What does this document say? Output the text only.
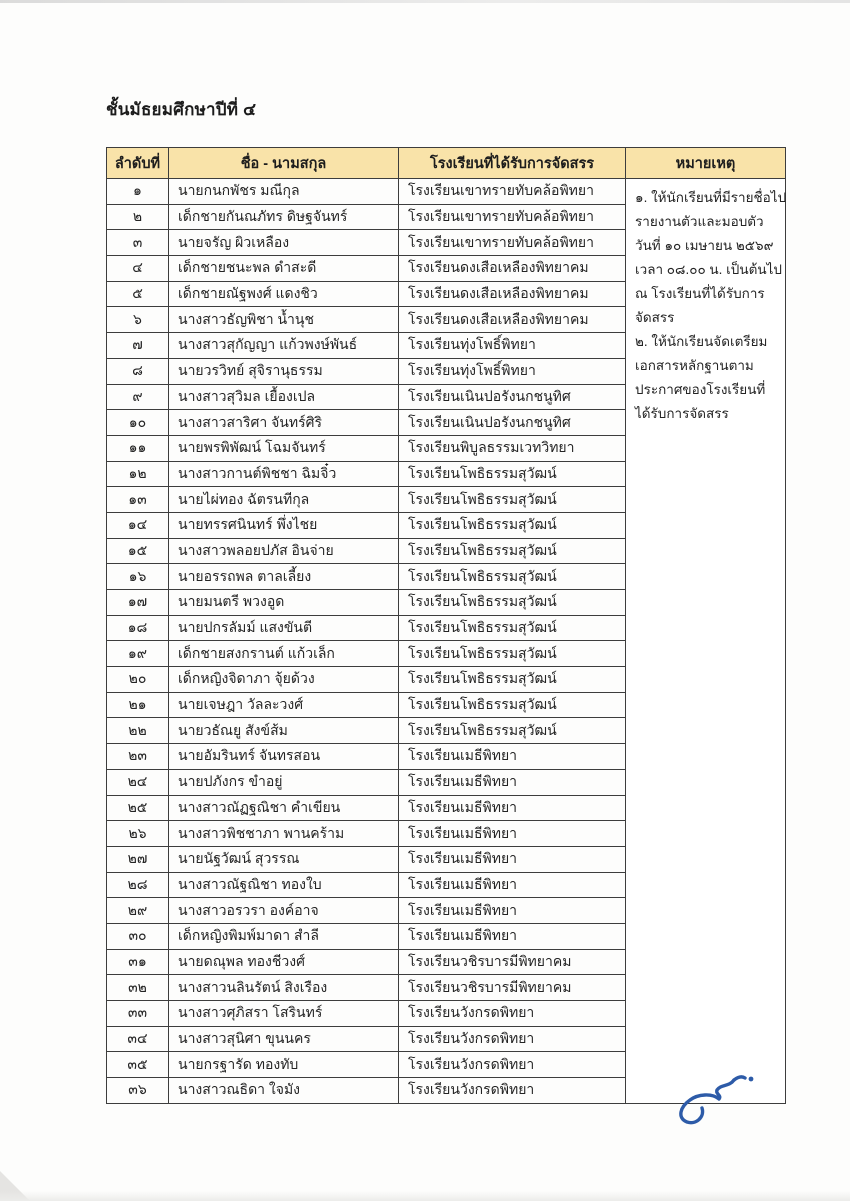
ชั้นมัธยมศึกษาปีที่ ๔
ลำดับที่	ชื่อ - นามสกุล	โรงเรียนที่ได้รับการจัดสรร	หมายเหตุ
๑	นายกนกพัชร มณีกุล	โรงเรียนเขาทรายทับคล้อพิทยา	๑. ให้นักเรียนที่มีรายชื่อไป
รายงานตัวและมอบตัว
วันที่ ๑๐ เมษายน ๒๕๖๙
เวลา ๐๘.๐๐ น. เป็นต้นไป
ณ โรงเรียนที่ได้รับการ
จัดสรร
๒. ให้นักเรียนจัดเตรียม
เอกสารหลักฐานตาม
ประกาศของโรงเรียนที่
ได้รับการจัดสรร

๒	เด็กชายกันณภัทร ดิษฐจันทร์	โรงเรียนเขาทรายทับคล้อพิทยา	
๓	นายจรัญ ผิวเหลือง	โรงเรียนเขาทรายทับคล้อพิทยา	
๔	เด็กชายชนะพล ดำสะดี	โรงเรียนดงเสือเหลืองพิทยาคม	
๕	เด็กชายณัฐพงศ์ แดงชิว	โรงเรียนดงเสือเหลืองพิทยาคม	
๖	นางสาวธัญพิชา น้ำนุช	โรงเรียนดงเสือเหลืองพิทยาคม	
๗	นางสาวสุกัญญา แก้วพงษ์พันธ์	โรงเรียนทุ่งโพธิ์พิทยา	
๘	นายวรวิทย์ สุจิรานุธรรม	โรงเรียนทุ่งโพธิ์พิทยา	
๙	นางสาวสุวิมล เยื้องเปล	โรงเรียนเนินปอรังนกชนูทิศ	
๑๐	นางสาวสาริศา จันทร์ศิริ	โรงเรียนเนินปอรังนกชนูทิศ	
๑๑	นายพรพิพัฒน์ โฉมจันทร์	โรงเรียนพิบูลธรรมเวทวิทยา	
๑๒	นางสาวกานต์พิชชา ฉิมจิ๋ว	โรงเรียนโพธิธรรมสุวัฒน์	
๑๓	นายไผ่ทอง ฉัตรนทีกุล	โรงเรียนโพธิธรรมสุวัฒน์	
๑๔	นายทรรศนินทร์ พึ่งไชย	โรงเรียนโพธิธรรมสุวัฒน์	
๑๕	นางสาวพลอยปภัส อินจ่าย	โรงเรียนโพธิธรรมสุวัฒน์	
๑๖	นายอรรถพล ตาลเลี้ยง	โรงเรียนโพธิธรรมสุวัฒน์	
๑๗	นายมนตรี พวงอูด	โรงเรียนโพธิธรรมสุวัฒน์	
๑๘	นายปกรลัมม์ แสงขันตี	โรงเรียนโพธิธรรมสุวัฒน์	
๑๙	เด็กชายสงกรานต์ แก้วเล็ก	โรงเรียนโพธิธรรมสุวัฒน์	
๒๐	เด็กหญิงจิดาภา จุ้ยด้วง	โรงเรียนโพธิธรรมสุวัฒน์	
๒๑	นายเจษฎา วัลละวงศ์	โรงเรียนโพธิธรรมสุวัฒน์	
๒๒	นายวธัณยู สังข์ส้ม	โรงเรียนโพธิธรรมสุวัฒน์	
๒๓	นายอัมรินทร์ จันทรสอน	โรงเรียนเมธีพิทยา	
๒๔	นายปภังกร ขำอยู่	โรงเรียนเมธีพิทยา	
๒๕	นางสาวณัฏฐณิชา คำเขียน	โรงเรียนเมธีพิทยา	
๒๖	นางสาวพิชชาภา พานคร้าม	โรงเรียนเมธีพิทยา	
๒๗	นายนัฐวัฒน์ สุวรรณ	โรงเรียนเมธีพิทยา	
๒๘	นางสาวณัฐณิชา ทองใบ	โรงเรียนเมธีพิทยา	
๒๙	นางสาวอรวรา องค์อาจ	โรงเรียนเมธีพิทยา	
๓๐	เด็กหญิงพิมพ์มาดา สำลี	โรงเรียนเมธีพิทยา	
๓๑	นายดณุพล ทองชีวงศ์	โรงเรียนวชิรบารมีพิทยาคม	
๓๒	นางสาวนลินรัตน์ สิงเรือง	โรงเรียนวชิรบารมีพิทยาคม	
๓๓	นางสาวศุภิสรา โสรินทร์	โรงเรียนวังกรดพิทยา	
๓๔	นางสาวสุนิศา ขุนนคร	โรงเรียนวังกรดพิทยา	
๓๕	นายกรฐารัด ทองทับ	โรงเรียนวังกรดพิทยา	
๓๖	นางสาวณธิดา ใจมัง	โรงเรียนวังกรดพิทยา	
